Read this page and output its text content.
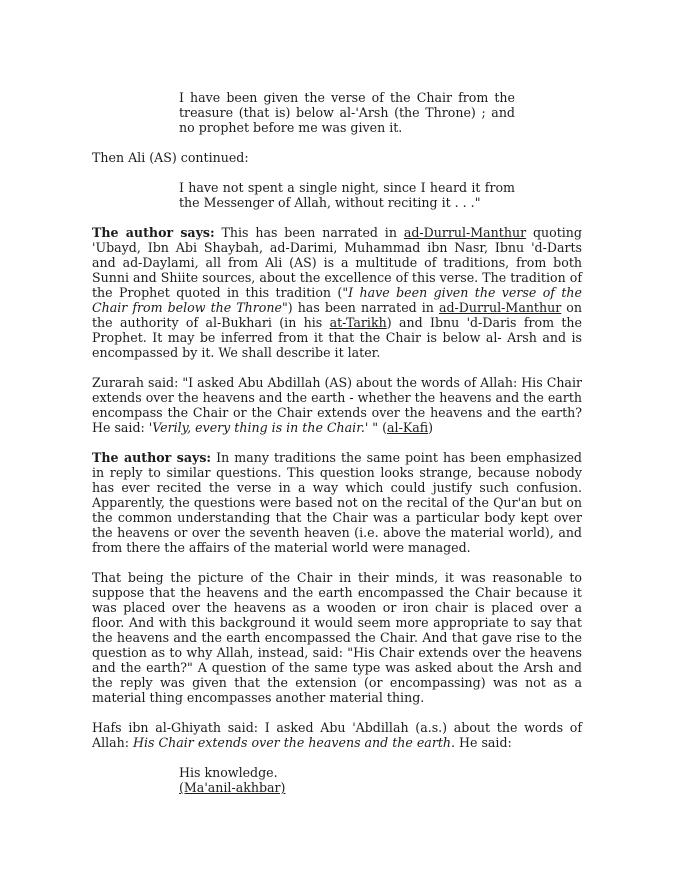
I have been given the verse of the Chair from the treasure (that is) below al-'Arsh (the Throne) ; and no prophet before me was given it.

Then Ali (AS) continued:

I have not spent a single night, since I heard it from the Messenger of Allah, without reciting it . . ."

The author says: This has been narrated in ad-Durrul-Manthur quoting 'Ubayd, Ibn Abi Shaybah, ad-Darimi, Muhammad ibn Nasr, Ibnu 'd-Darts and ad-Daylami, all from Ali (AS) is a multitude of traditions, from both Sunni and Shiite sources, about the excellence of this verse. The tradition of the Prophet quoted in this tradition ("I have been given the verse of the Chair from below the Throne") has been narrated in ad-Durrul-Manthur on the authority of al-Bukhari (in his at-Tarikh) and Ibnu 'd-Daris from the Prophet. It may be inferred from it that the Chair is below al- Arsh and is encompassed by it. We shall describe it later.

Zurarah said: "I asked Abu Abdillah (AS) about the words of Allah: His Chair extends over the heavens and the earth - whether the heavens and the earth encompass the Chair or the Chair extends over the heavens and the earth? He said: 'Verily, every thing is in the Chair.' " (al-Kafi)

The author says: In many traditions the same point has been emphasized in reply to similar questions. This question looks strange, because nobody has ever recited the verse in a way which could justify such confusion. Apparently, the questions were based not on the recital of the Qur'an but on the common understanding that the Chair was a particular body kept over the heavens or over the seventh heaven (i.e. above the material world), and from there the affairs of the material world were managed.

That being the picture of the Chair in their minds, it was reasonable to suppose that the heavens and the earth encompassed the Chair because it was placed over the heavens as a wooden or iron chair is placed over a floor. And with this background it would seem more appropriate to say that the heavens and the earth encompassed the Chair. And that gave rise to the question as to why Allah, instead, said: "His Chair extends over the heavens and the earth?" A question of the same type was asked about the Arsh and the reply was given that the extension (or encompassing) was not as a material thing encompasses another material thing.

Hafs ibn al-Ghiyath said: I asked Abu 'Abdillah (a.s.) about the words of Allah: His Chair extends over the heavens and the earth. He said:

His knowledge.
(Ma'anil-akhbar)
